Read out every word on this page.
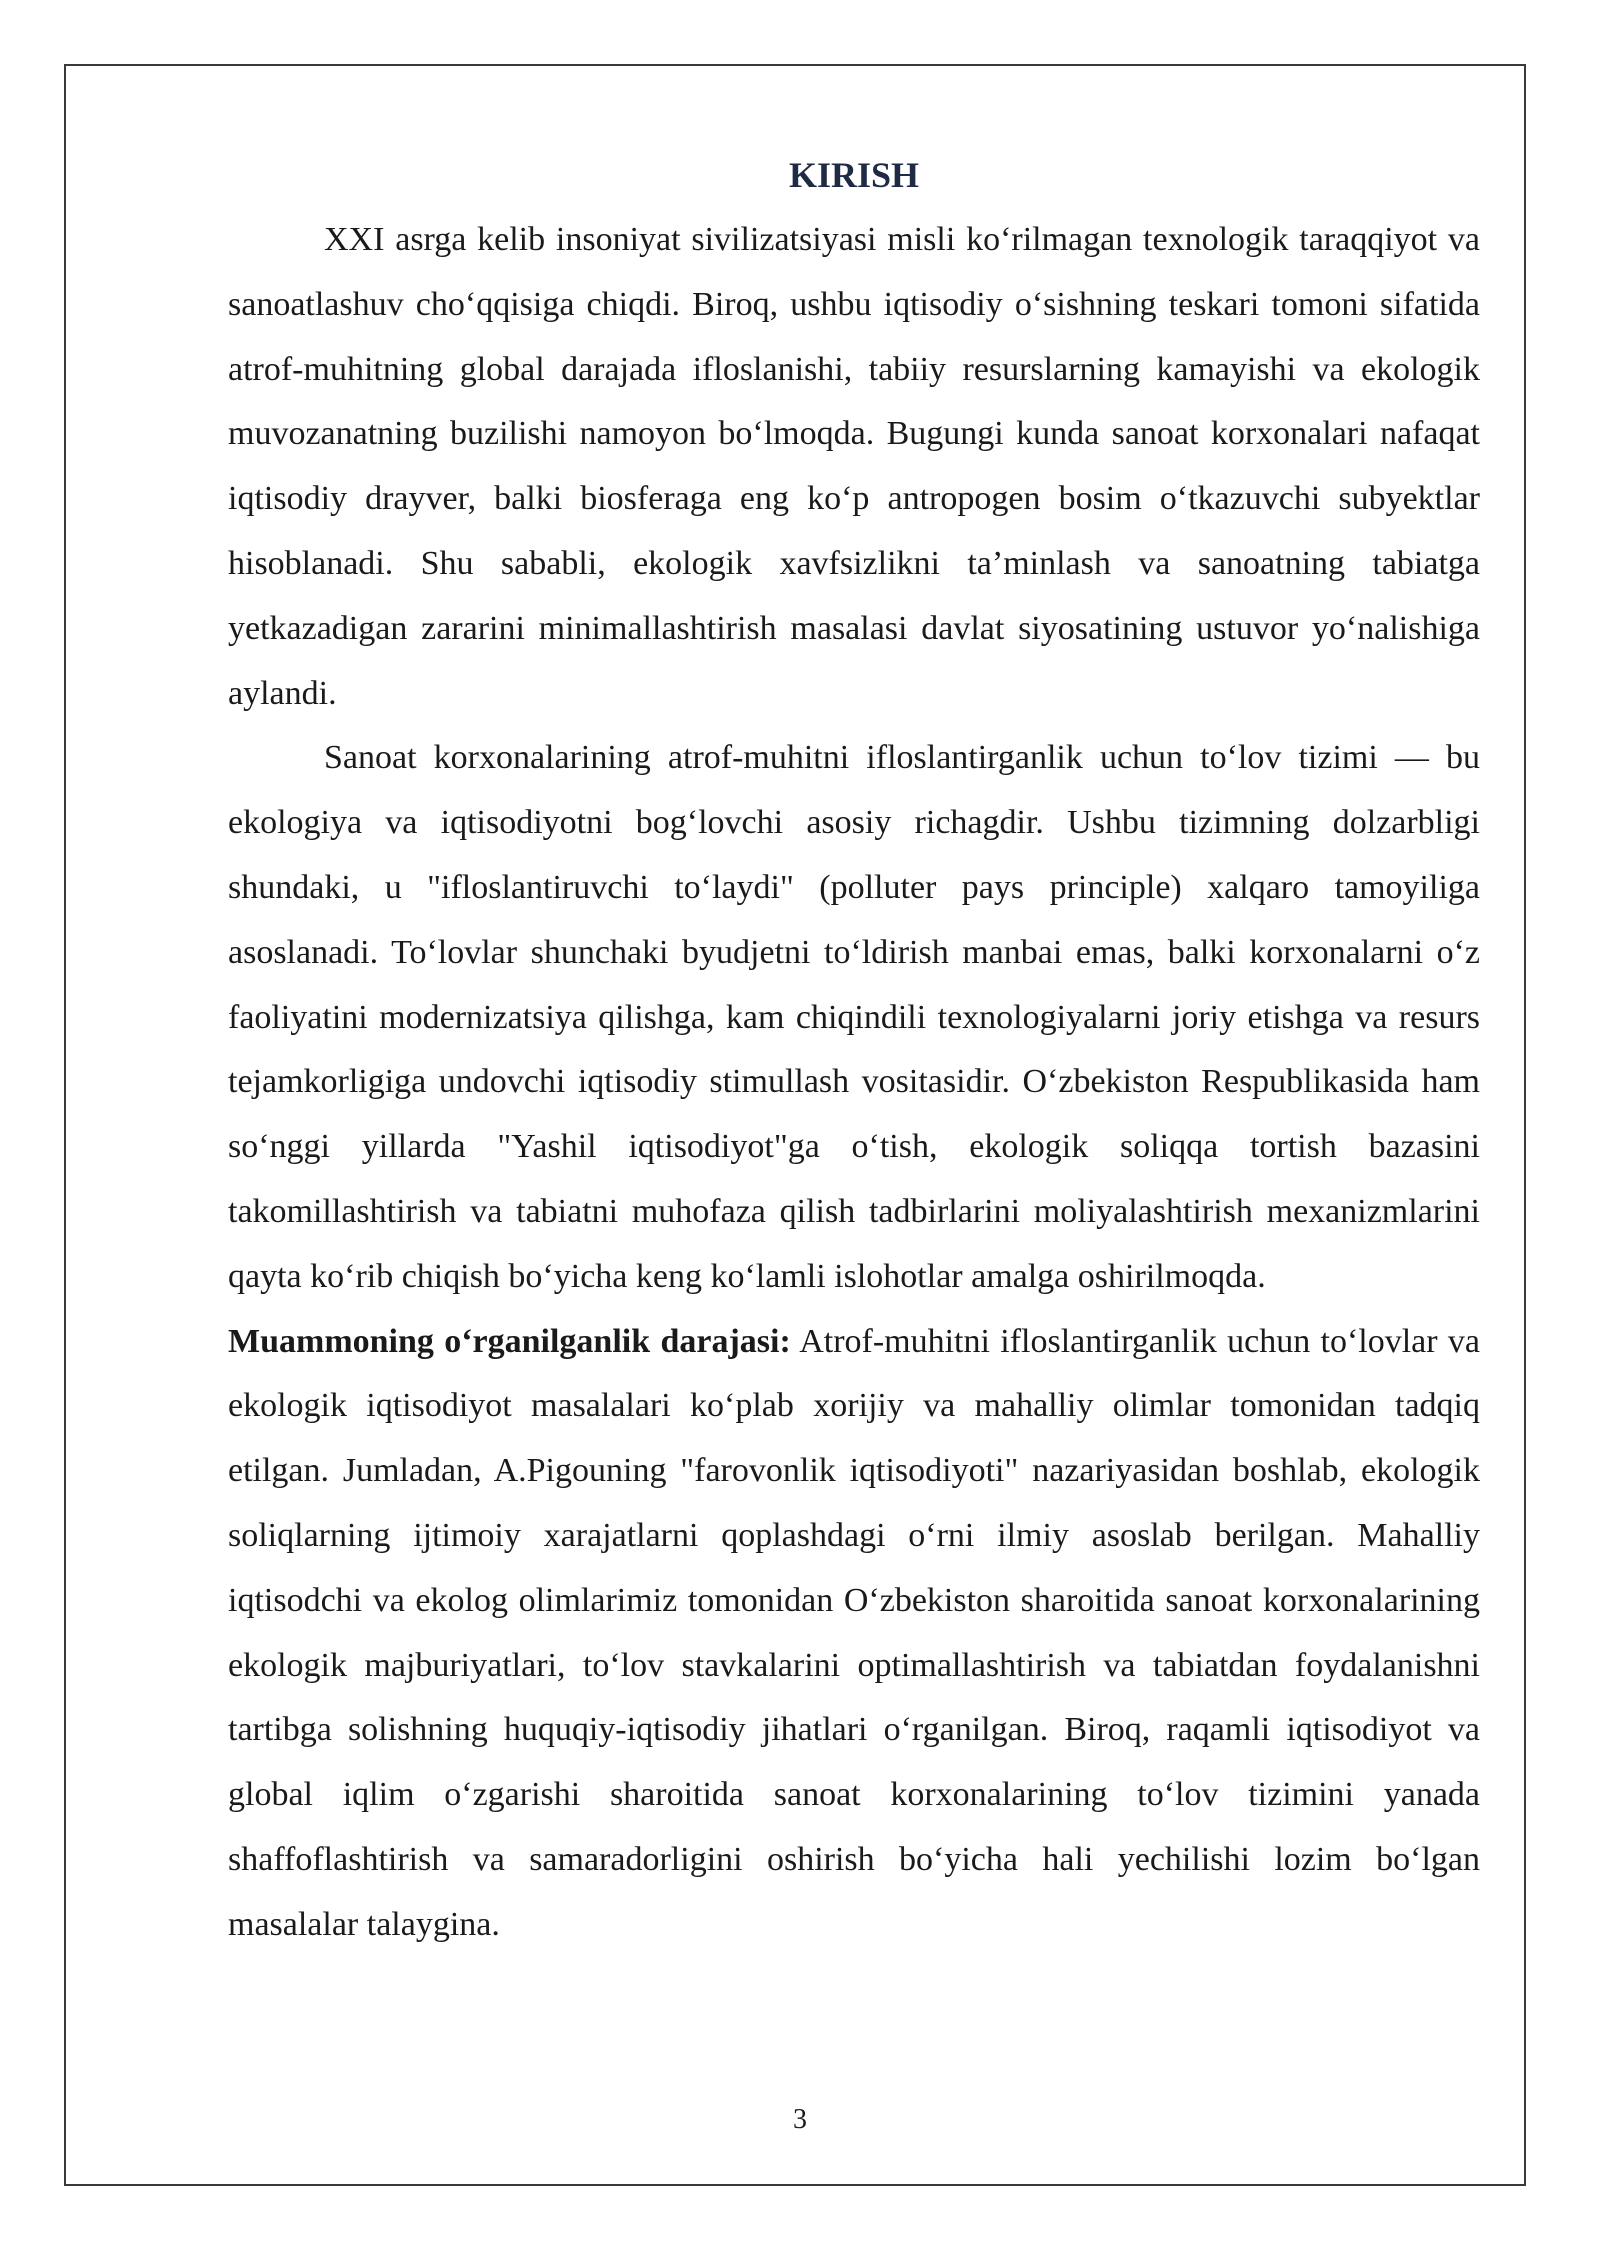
KIRISH

XXI asrga kelib insoniyat sivilizatsiyasi misli ko‘rilmagan texnologik taraqqiyot va sanoatlashuv cho‘qqisiga chiqdi. Biroq, ushbu iqtisodiy o‘sishning teskari tomoni sifatida atrof-muhitning global darajada ifloslanishi, tabiiy resurslarning kamayishi va ekologik muvozanatning buzilishi namoyon bo‘lmoqda. Bugungi kunda sanoat korxonalari nafaqat iqtisodiy drayver, balki biosferaga eng ko‘p antropogen bosim o‘tkazuvchi subyektlar hisoblanadi. Shu sababli, ekologik xavfsizlikni ta’minlash va sanoatning tabiatga yetkazadigan zararini minimallashtirish masalasi davlat siyosatining ustuvor yo‘nalishiga aylandi.

Sanoat korxonalarining atrof-muhitni ifloslantirganlik uchun to‘lov tizimi — bu ekologiya va iqtisodiyotni bog‘lovchi asosiy richagdir. Ushbu tizimning dolzarbligi shundaki, u "ifloslantiruvchi to‘laydi" (polluter pays principle) xalqaro tamoyiliga asoslanadi. To‘lovlar shunchaki byudjetni to‘ldirish manbai emas, balki korxonalarni o‘z faoliyatini modernizatsiya qilishga, kam chiqindili texnologiyalarni joriy etishga va resurs tejamkorligiga undovchi iqtisodiy stimullash vositasidir. O‘zbekiston Respublikasida ham so‘nggi yillarda "Yashil iqtisodiyot"ga o‘tish, ekologik soliqqa tortish bazasini takomillashtirish va tabiatni muhofaza qilish tadbirlarini moliyalashtirish mexanizmlarini qayta ko‘rib chiqish bo‘yicha keng ko‘lamli islohotlar amalga oshirilmoqda.

Muammoning o‘rganilganlik darajasi: Atrof-muhitni ifloslantirganlik uchun to‘lovlar va ekologik iqtisodiyot masalalari ko‘plab xorijiy va mahalliy olimlar tomonidan tadqiq etilgan. Jumladan, A.Pigouning "farovonlik iqtisodiyoti" nazariyasidan boshlab, ekologik soliqlarning ijtimoiy xarajatlarni qoplashdagi o‘rni ilmiy asoslab berilgan. Mahalliy iqtisodchi va ekolog olimlarimiz tomonidan O‘zbekiston sharoitida sanoat korxonalarining ekologik majburiyatlari, to‘lov stavkalarini optimallashtirish va tabiatdan foydalanishni tartibga solishning huquqiy-iqtisodiy jihatlari o‘rganilgan. Biroq, raqamli iqtisodiyot va global iqlim o‘zgarishi sharoitida sanoat korxonalarining to‘lov tizimini yanada shaffoflashtirish va samaradorligini oshirish bo‘yicha hali yechilishi lozim bo‘lgan masalalar talaygina.

3
